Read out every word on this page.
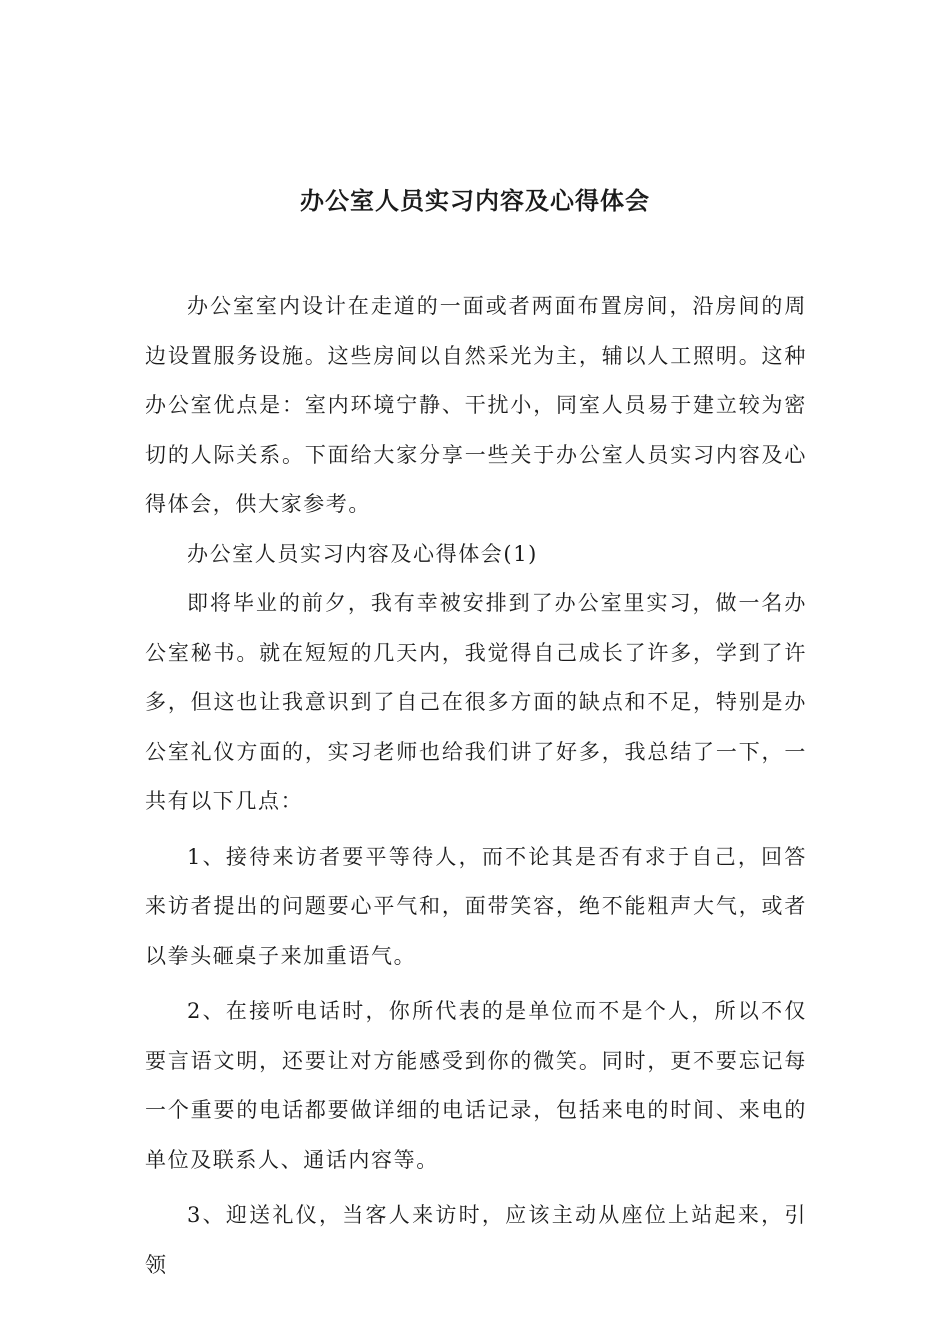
办公室人员实习内容及心得体会

办公室室内设计在走道的一面或者两面布置房间，沿房间的周边设置服务设施。这些房间以自然采光为主，辅以人工照明。这种办公室优点是：室内环境宁静、干扰小，同室人员易于建立较为密切的人际关系。下面给大家分享一些关于办公室人员实习内容及心得体会，供大家参考。

办公室人员实习内容及心得体会(1)

即将毕业的前夕，我有幸被安排到了办公室里实习，做一名办公室秘书。就在短短的几天内，我觉得自己成长了许多，学到了许多，但这也让我意识到了自己在很多方面的缺点和不足，特别是办公室礼仪方面的，实习老师也给我们讲了好多，我总结了一下，一共有以下几点：

1、接待来访者要平等待人，而不论其是否有求于自己，回答来访者提出的问题要心平气和，面带笑容，绝不能粗声大气，或者以拳头砸桌子来加重语气。

2、在接听电话时，你所代表的是单位而不是个人，所以不仅要言语文明，还要让对方能感受到你的微笑。同时，更不要忘记每一个重要的电话都要做详细的电话记录，包括来电的时间、来电的单位及联系人、通话内容等。

3、迎送礼仪，当客人来访时，应该主动从座位上站起来，引领
